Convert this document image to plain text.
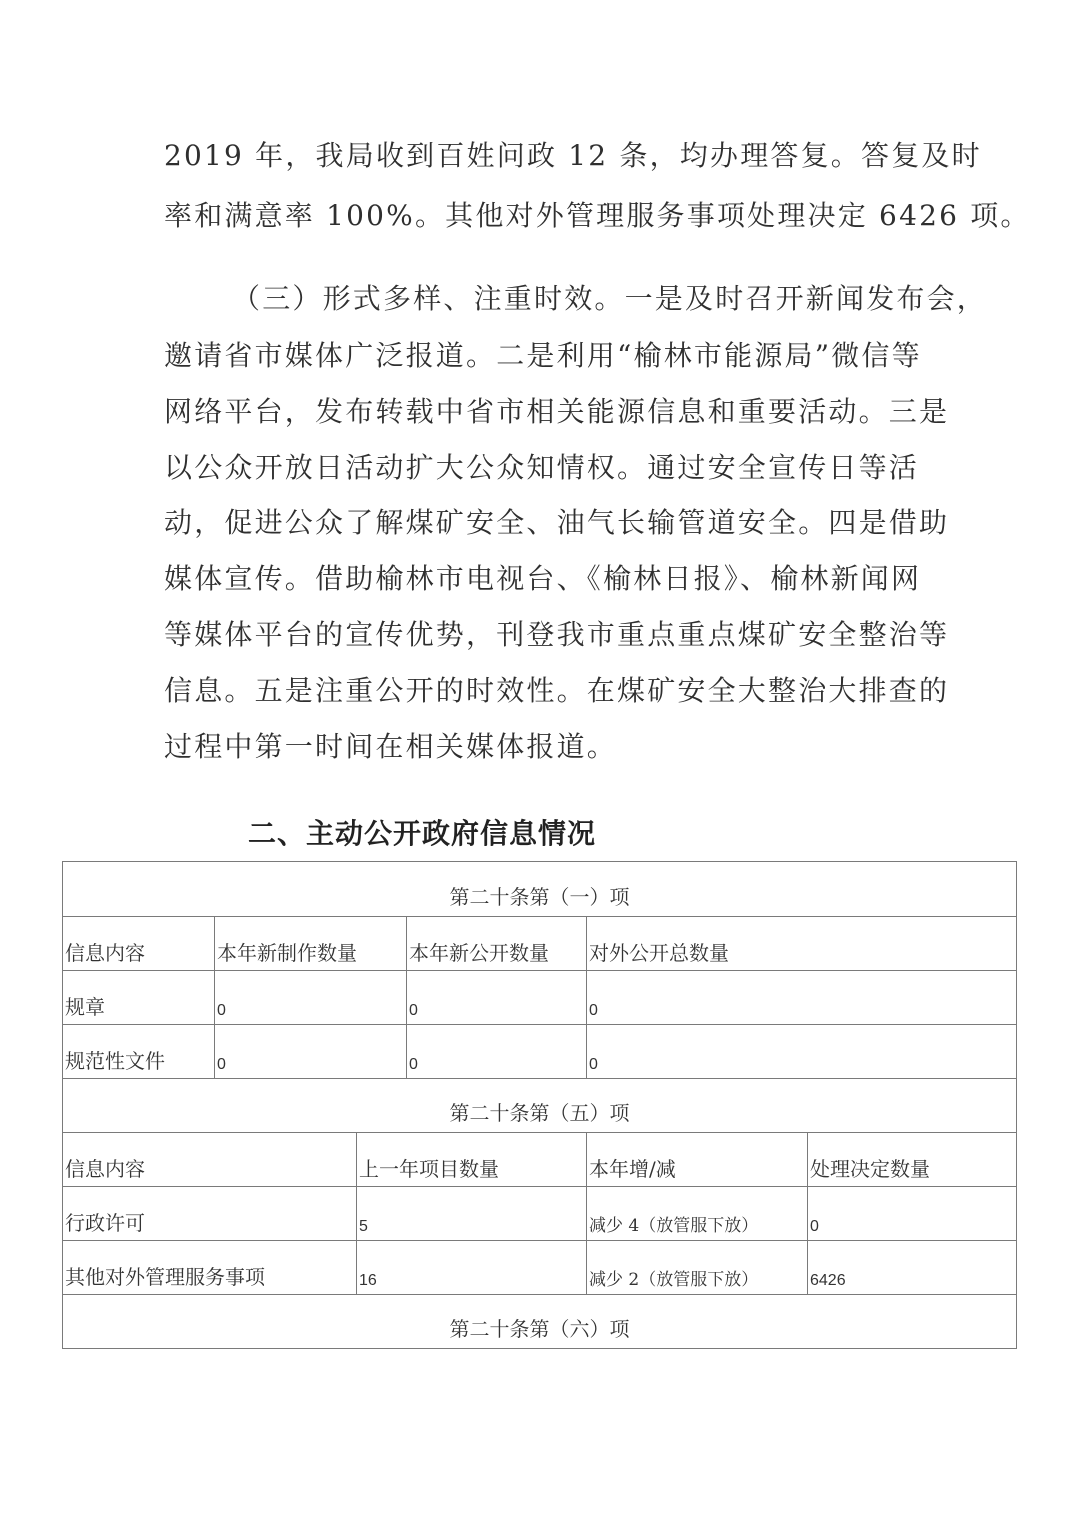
2019 年，我局收到百姓问政 12 条，均办理答复。答复及时
率和满意率 100%。其他对外管理服务事项处理决定 6426 项。
（三）形式多样、注重时效。一是及时召开新闻发布会，
邀请省市媒体广泛报道。二是利用“榆林市能源局”微信等
网络平台，发布转载中省市相关能源信息和重要活动。三是
以公众开放日活动扩大公众知情权。通过安全宣传日等活
动，促进公众了解煤矿安全、油气长输管道安全。四是借助
媒体宣传。借助榆林市电视台、《榆林日报》、榆林新闻网
等媒体平台的宣传优势，刊登我市重点重点煤矿安全整治等
信息。五是注重公开的时效性。在煤矿安全大整治大排查的
过程中第一时间在相关媒体报道。
二、主动公开政府信息情况
第二十条第（一）项					
信息内容	本年新制作数量		本年新公开数量	对外公开总数量	
规章	0		0	0	
规范性文件	0		0	0	
第二十条第（五）项					
信息内容		上一年项目数量		本年增/减	处理决定数量
行政许可		5		减少 4（放管服下放）	0
其他对外管理服务事项		16		减少 2（放管服下放）	6426
第二十条第（六）项					
